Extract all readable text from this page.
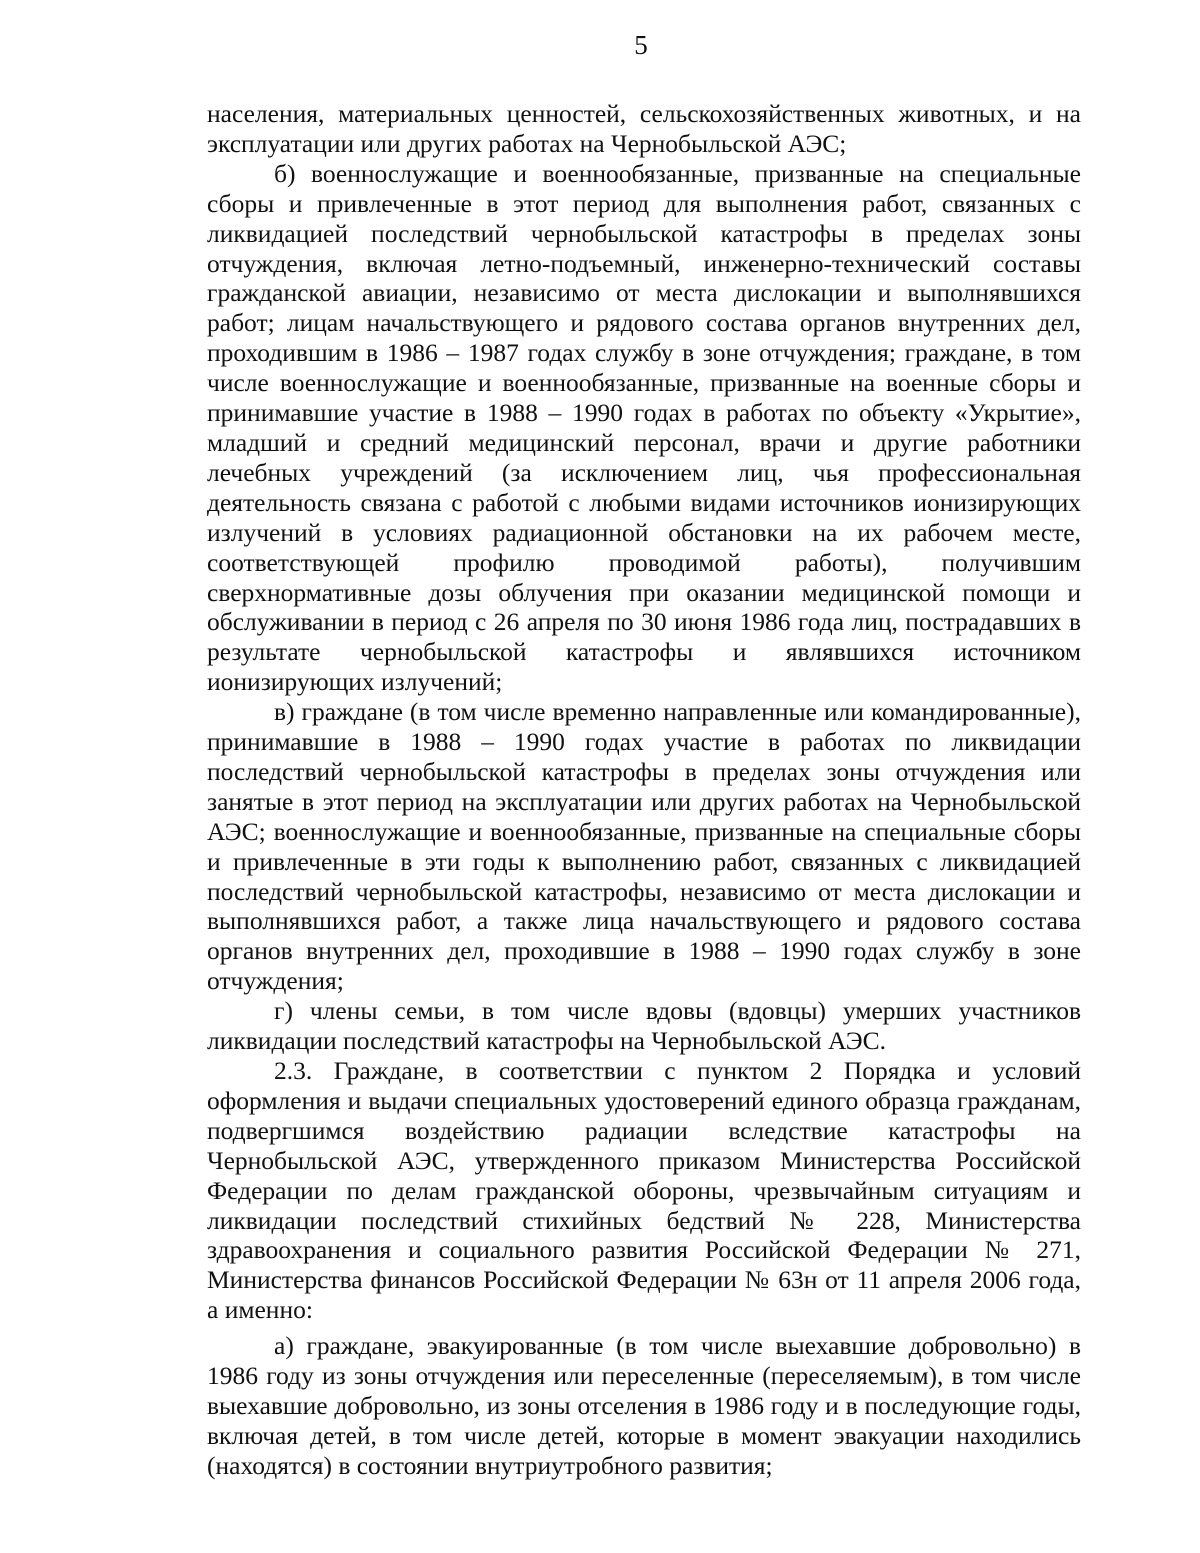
5

населения, материальных ценностей, сельскохозяйственных животных, и на эксплуатации или других работах на Чернобыльской АЭС;

б) военнослужащие и военнообязанные, призванные на специальные сборы и привлеченные в этот период для выполнения работ, связанных с ликвидацией последствий чернобыльской катастрофы в пределах зоны отчуждения, включая летно-подъемный, инженерно-технический составы гражданской авиации, независимо от места дислокации и выполнявшихся работ; лицам начальствующего и рядового состава органов внутренних дел, проходившим в 1986 – 1987 годах службу в зоне отчуждения; граждане, в том числе военнослужащие и военнообязанные, призванные на военные сборы и принимавшие участие в 1988 – 1990 годах в работах по объекту «Укрытие», младший и средний медицинский персонал, врачи и другие работники лечебных учреждений (за исключением лиц, чья профессиональная деятельность связана с работой с любыми видами источников ионизирующих излучений в условиях радиационной обстановки на их рабочем месте, соответствующей профилю проводимой работы), получившим сверхнормативные дозы облучения при оказании медицинской помощи и обслуживании в период с 26 апреля по 30 июня 1986 года лиц, пострадавших в результате чернобыльской катастрофы и являвшихся источником ионизирующих излучений;

в) граждане (в том числе временно направленные или командированные), принимавшие в 1988 – 1990 годах участие в работах по ликвидации последствий чернобыльской катастрофы в пределах зоны отчуждения или занятые в этот период на эксплуатации или других работах на Чернобыльской АЭС; военнослужащие и военнообязанные, призванные на специальные сборы и привлеченные в эти годы к выполнению работ, связанных с ликвидацией последствий чернобыльской катастрофы, независимо от места дислокации и выполнявшихся работ, а также лица начальствующего и рядового состава органов внутренних дел, проходившие в 1988 – 1990 годах службу в зоне отчуждения;

г) члены семьи, в том числе вдовы (вдовцы) умерших участников ликвидации последствий катастрофы на Чернобыльской АЭС.

2.3. Граждане, в соответствии с пунктом 2 Порядка и условий оформления и выдачи специальных удостоверений единого образца гражданам, подвергшимся воздействию радиации вследствие катастрофы на Чернобыльской АЭС, утвержденного приказом Министерства Российской Федерации по делам гражданской обороны, чрезвычайным ситуациям и ликвидации последствий стихийных бедствий № 228, Министерства здравоохранения и социального развития Российской Федерации № 271, Министерства финансов Российской Федерации № 63н от 11 апреля 2006 года, а именно:

а) граждане, эвакуированные (в том числе выехавшие добровольно) в 1986 году из зоны отчуждения или переселенные (переселяемым), в том числе выехавшие добровольно, из зоны отселения в 1986 году и в последующие годы, включая детей, в том числе детей, которые в момент эвакуации находились (находятся) в состоянии внутриутробного развития;
